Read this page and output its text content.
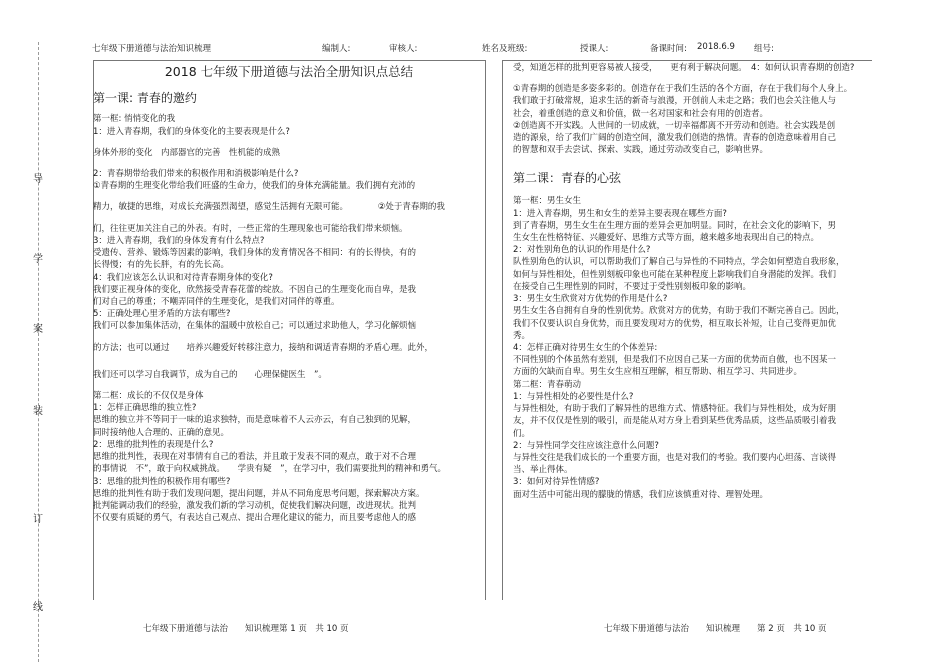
导
学
案
装
订
线
七年级下册道德与法治知识梳理	编制人:	审核人:	姓名及班级:	授课人:	备课时间: 2018.6.9 组号:
2018 七年级下册道德与法治全册知识点总结
第一课: 青春的邀约
第一框: 悄悄变化的我
1：进入青春期，我们的身体变化的主要表现是什么?
身体外形的变化　内部器官的完善　性机能的成熟
2：青春期带给我们带来的积极作用和消极影响是什么?
①青春期的生理变化带给我们旺盛的生命力，使我们的身体充满能量。我们拥有充沛的
精力，敏捷的思维，对成长充满强烈渴望，感觉生活拥有无限可能。　　　　②处于青春期的我
们，往往更加关注自己的外表。有时，一些正常的生理现象也可能给我们带来烦恼。
3：进入青春期，我们的身体发育有什么特点?
受遗传、营养、锻炼等因素的影响，我们身体的发育情况各不相同：有的长得快，有的
长得慢；有的先长胖，有的先长高。
4：我们应该怎么认识和对待青春期身体的变化?
我们要正视身体的变化，欣然接受青春花蕾的绽放。不因自己的生理变化而自卑，是我
们对自己的尊重；不嘲弄同伴的生理变化，是我们对同伴的尊重。
5：正确处理心里矛盾的方法有哪些?
我们可以参加集体活动，在集体的温暖中放松自己；可以通过求助他人，学习化解烦恼
的方法；也可以通过　　培养兴趣爱好转移注意力，接纳和调适青春期的矛盾心理。此外，
我们还可以学习自我调节，成为自己的　　心理保健医生　”。
第二框：成长的不仅仅是身体
1：怎样正确思维的独立性?
思维的独立并不等同于一味的追求独特，而是意味着不人云亦云，有自己独到的见解，
同时接纳他人合理的、正确的意见。
2：思维的批判性的表现是什么?
思维的批判性，表现在对事情有自己的看法，并且敢于发表不同的观点，敢于对不合理
的事情说　不”，敢于向权威挑战。　　学贵有疑　”，在学习中，我们需要批判的精神和勇气。
3：思维的批判性的积极作用有哪些?
思维的批判性有助于我们发现问题，提出问题，并从不同角度思考问题，探索解决方案。
批判能调动我们的经验，激发我们新的学习动机，促使我们解决问题，改进现状。批判
不仅要有质疑的勇气，有表达自己观点、提出合理化建议的能力，而且要考虑他人的感
受，知道怎样的批判更容易被人接受，　　更有利于解决问题。　4：如何认识青春期的创造?
①青春期的创造是多姿多彩的。创造存在于我们生活的各个方面，存在于我们每个人身上。
我们敢于打破常规，追求生活的新奇与浪漫，开创前人未走之路；我们也会关注他人与
社会，着重创造的意义和价值，做一名对国家和社会有用的创造者。
②创造离不开实践。人世间的一切成就，一切幸福都离不开劳动和创造。社会实践是创
造的源泉，给了我们广阔的创造空间，激发我们创造的热情。青春的创造意味着用自己
的智慧和双手去尝试、探索、实践，通过劳动改变自己，影响世界。
第二课：青春的心弦
第一框：男生女生
1：进入青春期，男生和女生的差异主要表现在哪些方面?
到了青春期，男生女生在生理方面的差异会更加明显。同时，在社会文化的影响下，男
生女生在性格特征、兴趣爱好、思维方式等方面，越来越多地表现出自己的特点。
2：对性别角色的认识的作用是什么?
队性别角色的认识，可以帮助我们了解自己与异性的不同特点，学会如何塑造自我形象，
如何与异性相处，但性别刻板印象也可能在某种程度上影响我们自身潜能的发挥。我们
在接受自己生理性别的同时，不要过于受性别刻板印象的影响。
3：男生女生欣赏对方优势的作用是什么?
男生女生各自拥有自身的性别优势。欣赏对方的优势，有助于我们不断完善自己。因此，
我们不仅要认识自身优势，而且要发现对方的优势，相互取长补短，让自己变得更加优
秀。
4：怎样正确对待男生女生的个体差异:
不同性别的个体虽然有差别，但是我们不应因自己某一方面的优势而自傲，也不因某一
方面的欠缺而自卑。男生女生应相互理解，相互帮助、相互学习、共同进步。
第二框：青春萌动
1：与异性相处的必要性是什么?
与异性相处，有助于我们了解异性的思维方式、情感特征。我们与异性相处，成为好朋
友，并不仅仅是性别的吸引，而是能从对方身上看到某些优秀品质，这些品质吸引着我
们。
2：与异性同学交往应该注意什么问题?
与异性交往是我们成长的一个重要方面，也是对我们的考验。我们要内心坦荡、言谈得
当、举止得体。
3：如何对待异性情感?
面对生活中可能出现的朦胧的情感，我们应该慎重对待、理智处理。
七年级下册道德与法治　　知识梳理第 1 页　共 10 页	七年级下册道德与法治　　知识梳理　　第 2 页　共 10 页
